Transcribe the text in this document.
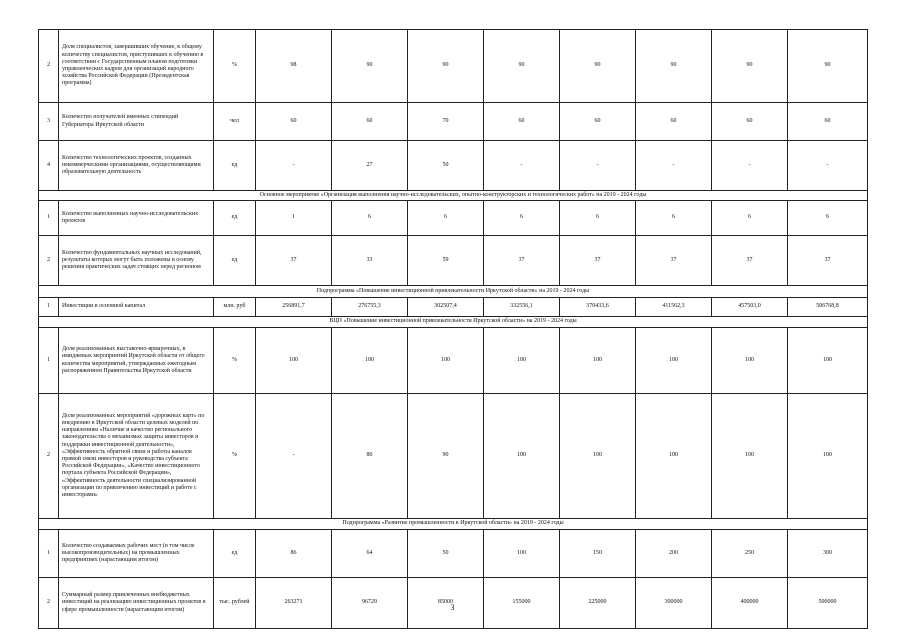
2	Доля специалистов, завершивших обучение, к общему количеству специалистов, приступивших к обучению в соответствии с Государственным планом подготовки управленческих кадров для организаций народного хозяйства Российской Федерации (Президентская программа)	%	98	90	90	90	90	90	90	90
3	Количество получателей именных стипендий Губернатора Иркутской области	чел	60	60	70	60	60	60	60	60
4	Количество технологических проектов, созданных некоммерческими организациями, осуществляющими образовательную деятельность	ед	-	27	50	-	-	-	-	-
Основное мероприятие «Организация выполнения научно-исследовательских, опытно-конструкторских и технологических работ» на 2019 - 2024 годы										
1	Количество выполненных научно-исследовательских проектов	ед	1	6	6	6	6	6	6	6
2	Количество фундаментальных научных исследований, результаты которых могут быть положены в основу решения практических задач стоящих перед регионом	ед	37	33	59	37	37	37	37	37
Подпрограмма «Повышение инвестиционной привлекательности Иркутской области» на 2019 - 2024 годы										
1	Инвестиции в основной капитал	млн. руб	256891,7	276755,3	302507,4	332556,1	370433,6	411562,3	457503,0	506768,8
ВЦП «Повышение инвестиционной привлекательности Иркутской области» на 2019 - 2024 годы										
1	Доля реализованных выставочно-ярмарочных, в имиджевых мероприятий Иркутской области от общего количества мероприятий, утверждаемых ежегодным распоряжением Правительства Иркутской области	%	100	100	100	100	100	100	100	100
2	Доля реализованных мероприятий «дорожных карт» по внедрению в Иркутской области целевых моделей по направлениям «Наличие и качество регионального законодательства о механизмах защиты инвесторов и поддержки инвестиционной деятельности», «Эффективность обратной связи и работы каналов прямой связи инвесторов и руководства субъекта Российской Федерации», «Качество инвестиционного портала субъекта Российской Федерации», «Эффективность деятельности специализированной организации по привлечению инвестиций и работе с инвесторами»	%	-	80	90	100	100	100	100	100
Подпрограмма «Развитие промышленности в Иркутской области» на 2019 - 2024 годы										
1	Количество создаваемых рабочих мест (в том числе высокопроизводительных) на промышленных предприятиях (нарастающим итогом)	ед	86	64	50	100	150	200	250	300
2	Суммарный размер привлеченных внебюджетных инвестиций на реализацию инвестиционных проектов в сфере промышленности (нарастающим итогом)	тыс. рублей	263271	96729	85000	155000	225000	300000	400000	500000
3
